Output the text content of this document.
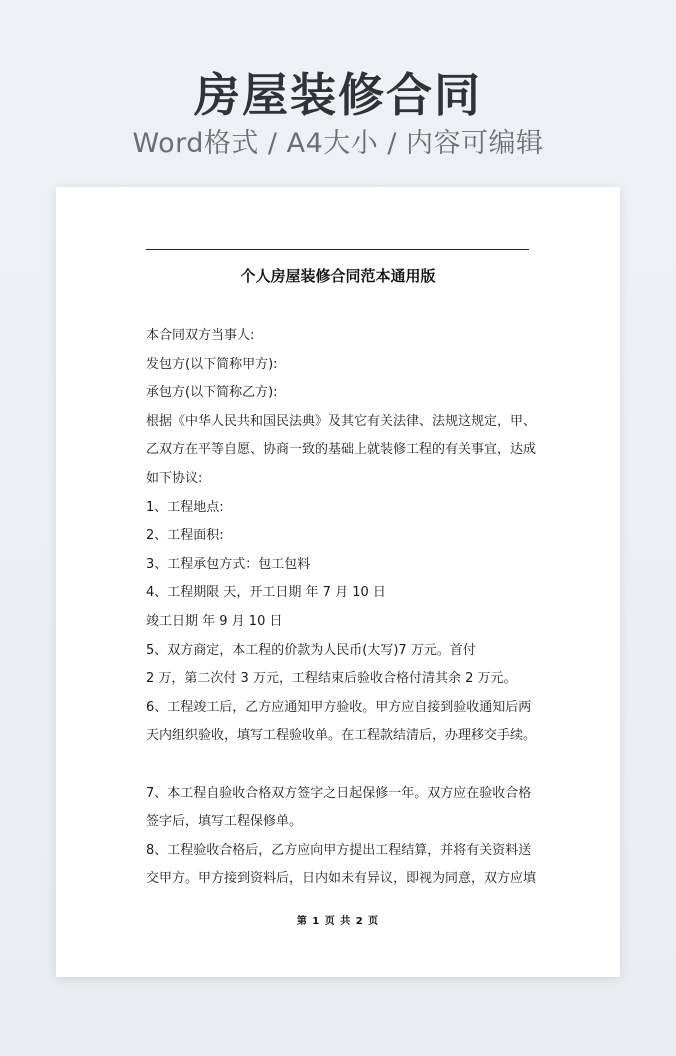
房屋装修合同
Word格式 / A4大小 / 内容可编辑
个人房屋装修合同范本通用版
本合同双方当事人:
发包方(以下简称甲方):
承包方(以下简称乙方):
根据《中华人民共和国民法典》及其它有关法律、法规这规定，甲、
乙双方在平等自愿、协商一致的基础上就装修工程的有关事宜，达成
如下协议:
1、工程地点:
2、工程面积:
3、工程承包方式：包工包料
4、工程期限 天，开工日期 年 7 月 10 日
竣工日期 年 9 月 10 日
5、双方商定，本工程的价款为人民币(大写)7 万元。首付
2 万，第二次付 3 万元，工程结束后验收合格付清其余 2 万元。
6、工程竣工后，乙方应通知甲方验收。甲方应自接到验收通知后两
天内组织验收，填写工程验收单。在工程款结清后，办理移交手续。
7、本工程自验收合格双方签字之日起保修一年。双方应在验收合格
签字后，填写工程保修单。
8、工程验收合格后，乙方应向甲方提出工程结算，并将有关资料送
交甲方。甲方接到资料后，日内如未有异议，即视为同意，双方应填
第 1 页 共 2 页
